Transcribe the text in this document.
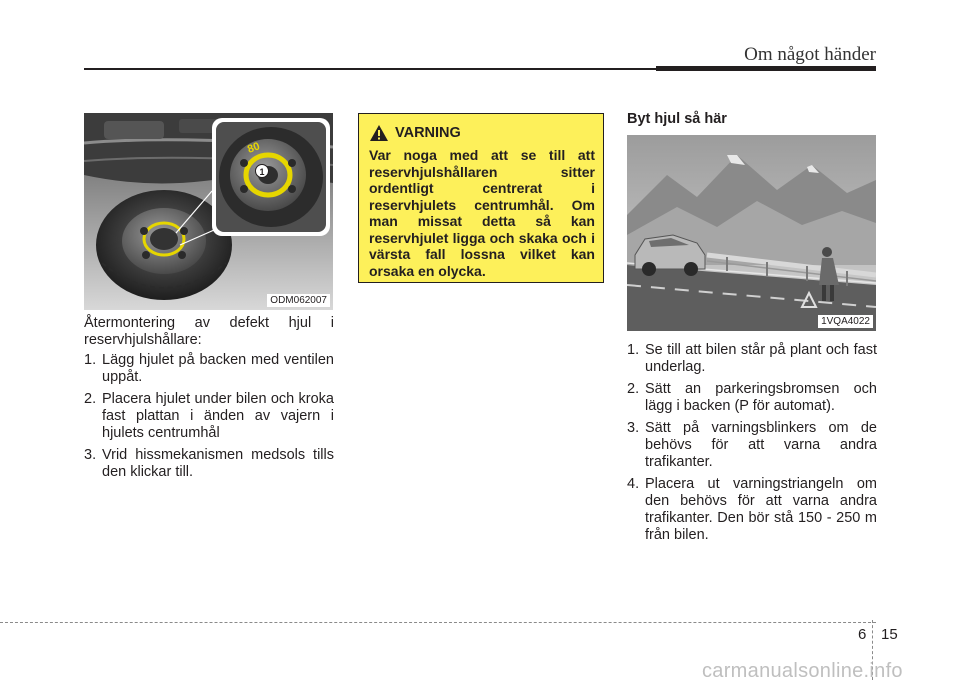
Om något händer
80
1
ODM062007

Återmontering av defekt hjul i reservhjulshållare:

1. Lägg hjulet på backen med ventilen uppåt.
2. Placera hjulet under bilen och kroka fast plattan i änden av vajern i hjulets centrumhål
3. Vrid hissmekanismen medsols tills den klickar till.
VARNING
Var noga med att se till att reservhjulshållaren sitter ordentligt centrerat i reservhjulets centrumhål. Om man missat detta så kan reservhjulet ligga och skaka och i värsta fall lossna vilket kan orsaka en olycka.
Byt hjul så här
1VQA4022
1. Se till att bilen står på plant och fast underlag.
2. Sätt an parkeringsbromsen och lägg i backen (P för automat).
3. Sätt på varningsblinkers om de behövs för att varna andra trafikanter.
4. Placera ut varningstriangeln om den behövs för att varna andra trafikanter. Den bör stå 150 - 250 m från bilen.
6 15
carmanualsonline.info
